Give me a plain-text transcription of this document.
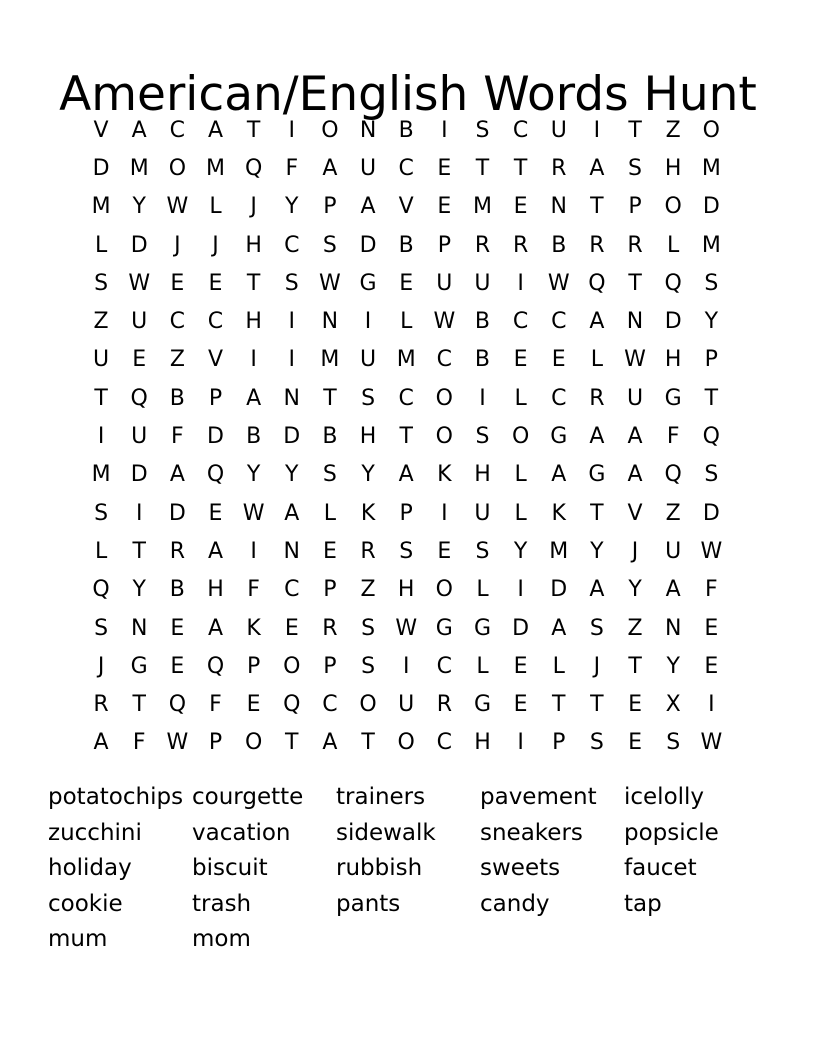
American/English Words Hunt
V	A	C	A	T	I	O N	B	I	S	C	U	I	T	Z O
D M O M Q	F	A	U	C	E	T	T	R	A	S	H M
M Y W L	J	Y	P	A	V	E M E	N	T	P	O D
L	D	J	J	H	C	S	D	B	P	R	R	B	R	R	L	M
S W E	E	T	S W G	E	U	U	I	W Q	T	Q	S
Z	U	C	C	H	I	N	I	L W B	C	C	A	N D	Y
U	E	Z	V	I	I	M U M C	B	E	E	L W H	P
T	Q B	P	A	N	T	S	C O	I	L	C	R	U G	T
I	U	F	D	B	D	B	H	T	O	S	O G	A	A	F	Q
M D	A Q	Y	Y	S	Y	A	K	H	L	A	G	A Q	S
S	I	D	E W A	L	K	P	I	U	L	K	T	V	Z	D
L	T	R	A	I	N	E	R	S	E	S	Y M Y	J	U W
Q	Y	B	H	F	C	P	Z	H O	L	I	D	A	Y	A	F
S	N	E	A	K	E	R	S W G G D	A	S	Z	N	E
J	G	E	Q	P	O	P	S	I	C	L	E	L	J	T	Y	E
R	T	Q	F	E	Q C O U	R G	E	T	T	E	X	I
A	F W P	O	T	A	T	O C	H	I	P	S	E	S W
potatochips courgette	trainers	pavement	icelolly
zucchini	vacation	sidewalk	sneakers	popsicle
holiday	biscuit	rubbish	sweets	faucet
cookie	trash	pants	candy	tap
mum	mom
